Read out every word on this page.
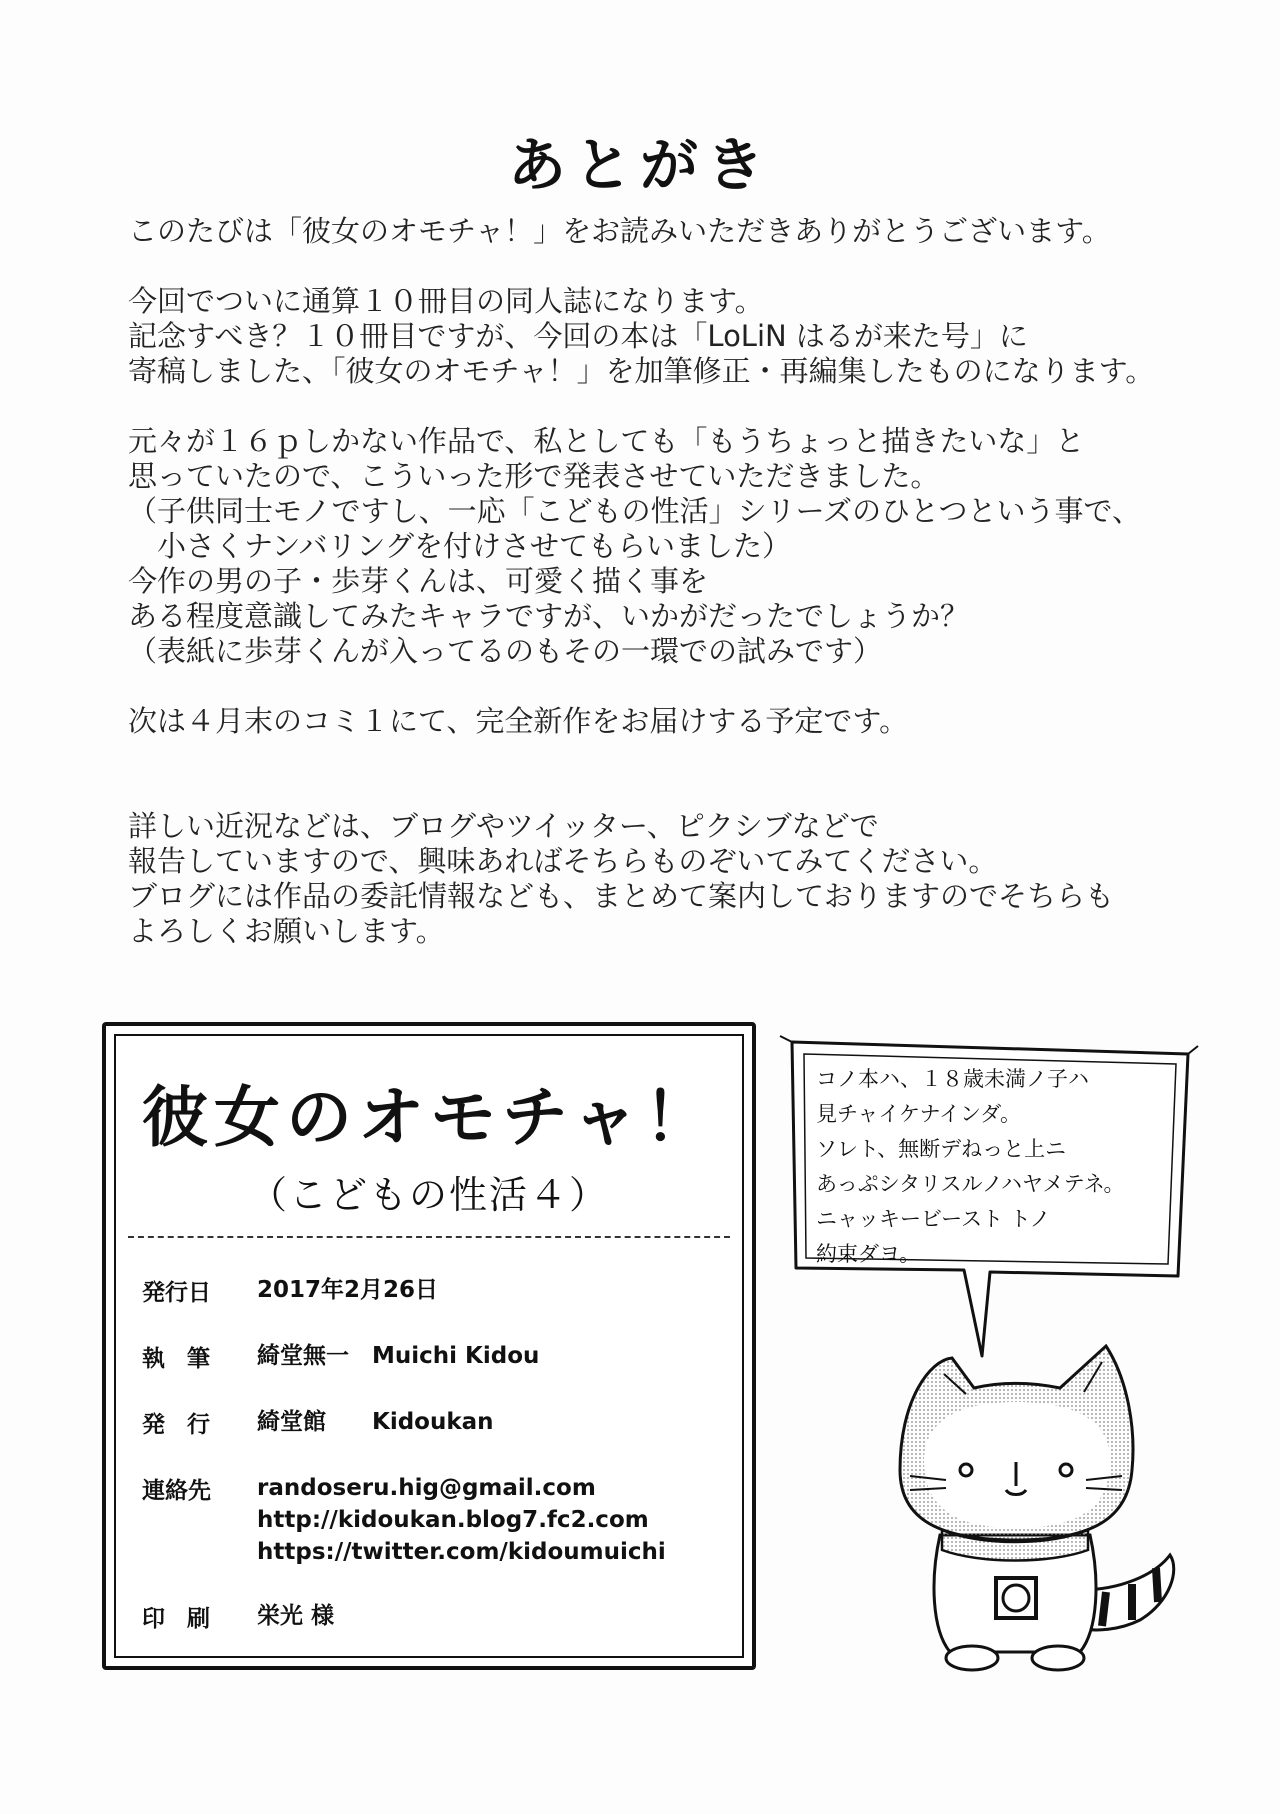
あとがき
このたびは「彼女のオモチャ！」をお読みいただきありがとうございます。
今回でついに通算１０冊目の同人誌になります。
記念すべき？１０冊目ですが、今回の本は「LoLiN はるが来た号」に
寄稿しました、「彼女のオモチャ！」を加筆修正・再編集したものになります。
元々が１６ｐしかない作品で、私としても「もうちょっと描きたいな」と
思っていたので、こういった形で発表させていただきました。
（子供同士モノですし、一応「こどもの性活」シリーズのひとつという事で、
　小さくナンバリングを付けさせてもらいました）
今作の男の子・歩芽くんは、可愛く描く事を
ある程度意識してみたキャラですが、いかがだったでしょうか？
（表紙に歩芽くんが入ってるのもその一環での試みです）
次は４月末のコミ１にて、完全新作をお届けする予定です。
詳しい近況などは、ブログやツイッター、ピクシブなどで
報告していますので、興味あればそちらものぞいてみてください。
ブログには作品の委託情報なども、まとめて案内しておりますのでそちらも
よろしくお願いします。
彼女のオモチャ！
（こどもの性活４）
発行日	2017年2月26日
執筆	綺堂無一　Muichi Kidou
発行	綺堂館　　Kidoukan
連絡先	randoseru.hig@gmail.com
http://kidoukan.blog7.fc2.com
https://twitter.com/kidoumuichi
印刷	栄光 様
コノ本ハ、１８歳未満ノ子ハ
見チャイケナインダ。
ソレト、無断デねっと上ニ
あっぷシタリスルノハヤメテネ。
ニャッキービースト トノ
約束ダヨ。
